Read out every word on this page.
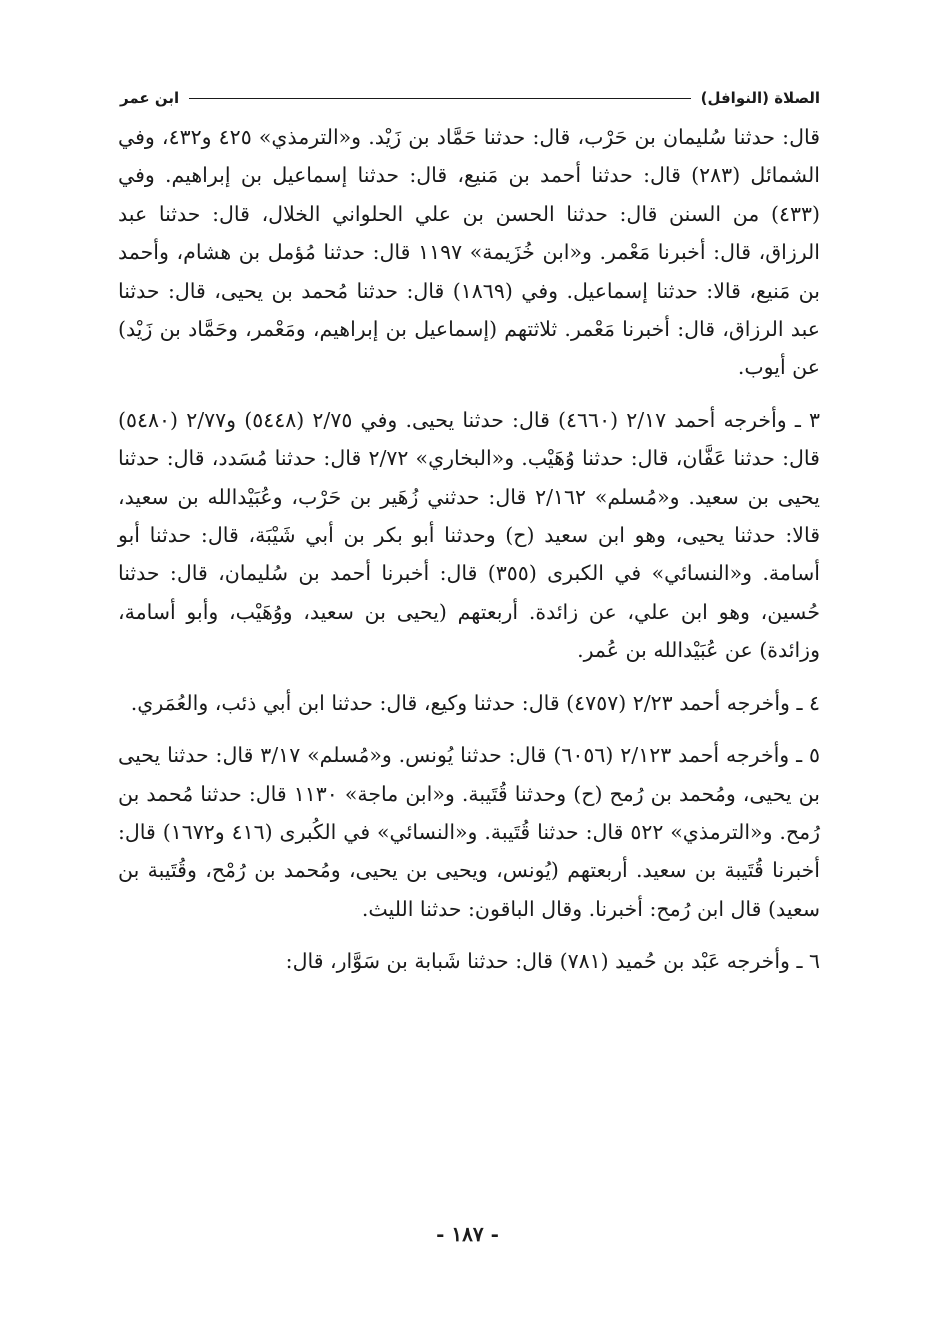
الصلاة (النوافل)
ابن عمر

قال: حدثنا سُليمان بن حَرْب، قال: حدثنا حَمَّاد بن زَيْد. و«الترمذي» ٤٢٥ و٤٣٢، وفي الشمائل (٢٨٣) قال: حدثنا أحمد بن مَنيع، قال: حدثنا إسماعيل بن إبراهيم. وفي (٤٣٣) من السنن قال: حدثنا الحسن بن علي الحلواني الخلال، قال: حدثنا عبد الرزاق، قال: أخبرنا مَعْمر. و«ابن خُزَيمة» ١١٩٧ قال: حدثنا مُؤمل بن هشام، وأحمد بن مَنيع، قالا: حدثنا إسماعيل. وفي (١٨٦٩) قال: حدثنا مُحمد بن يحيى، قال: حدثنا عبد الرزاق، قال: أخبرنا مَعْمر. ثلاثتهم (إسماعيل بن إبراهيم، ومَعْمر، وحَمَّاد بن زَيْد) عن أيوب.

٣ ـ وأخرجه أحمد ٢/١٧ (٤٦٦٠) قال: حدثنا يحيى. وفي ٢/٧٥ (٥٤٤٨) و٢/٧٧ (٥٤٨٠) قال: حدثنا عَفَّان، قال: حدثنا وُهَيْب. و«البخاري» ٢/٧٢ قال: حدثنا مُسَدد، قال: حدثنا يحيى بن سعيد. و«مُسلم» ٢/١٦٢ قال: حدثني زُهَير بن حَرْب، وعُبَيْدالله بن سعيد، قالا: حدثنا يحيى، وهو ابن سعيد (ح) وحدثنا أبو بكر بن أبي شَيْبَة، قال: حدثنا أبو أسامة. و«النسائي» في الكبرى (٣٥٥) قال: أخبرنا أحمد بن سُليمان، قال: حدثنا حُسين، وهو ابن علي، عن زائدة. أربعتهم (يحيى بن سعيد، ووُهَيْب، وأبو أسامة، وزائدة) عن عُبَيْدالله بن عُمر.

٤ ـ وأخرجه أحمد ٢/٢٣ (٤٧٥٧) قال: حدثنا وكيع، قال: حدثنا ابن أبي ذئب، والعُمَري.

٥ ـ وأخرجه أحمد ٢/١٢٣ (٦٠٥٦) قال: حدثنا يُونس. و«مُسلم» ٣/١٧ قال: حدثنا يحيى بن يحيى، ومُحمد بن رُمح (ح) وحدثنا قُتَيبة. و«ابن ماجة» ١١٣٠ قال: حدثنا مُحمد بن رُمح. و«الترمذي» ٥٢٢ قال: حدثنا قُتَيبة. و«النسائي» في الكُبرى (٤١٦ و١٦٧٢) قال: أخبرنا قُتَيبة بن سعيد. أربعتهم (يُونس، ويحيى بن يحيى، ومُحمد بن رُمْح، وقُتَيبة بن سعيد) قال ابن رُمح: أخبرنا. وقال الباقون: حدثنا الليث.

٦ ـ وأخرجه عَبْد بن حُميد (٧٨١) قال: حدثنا شَبابة بن سَوَّار، قال:

- ١٨٧ -
